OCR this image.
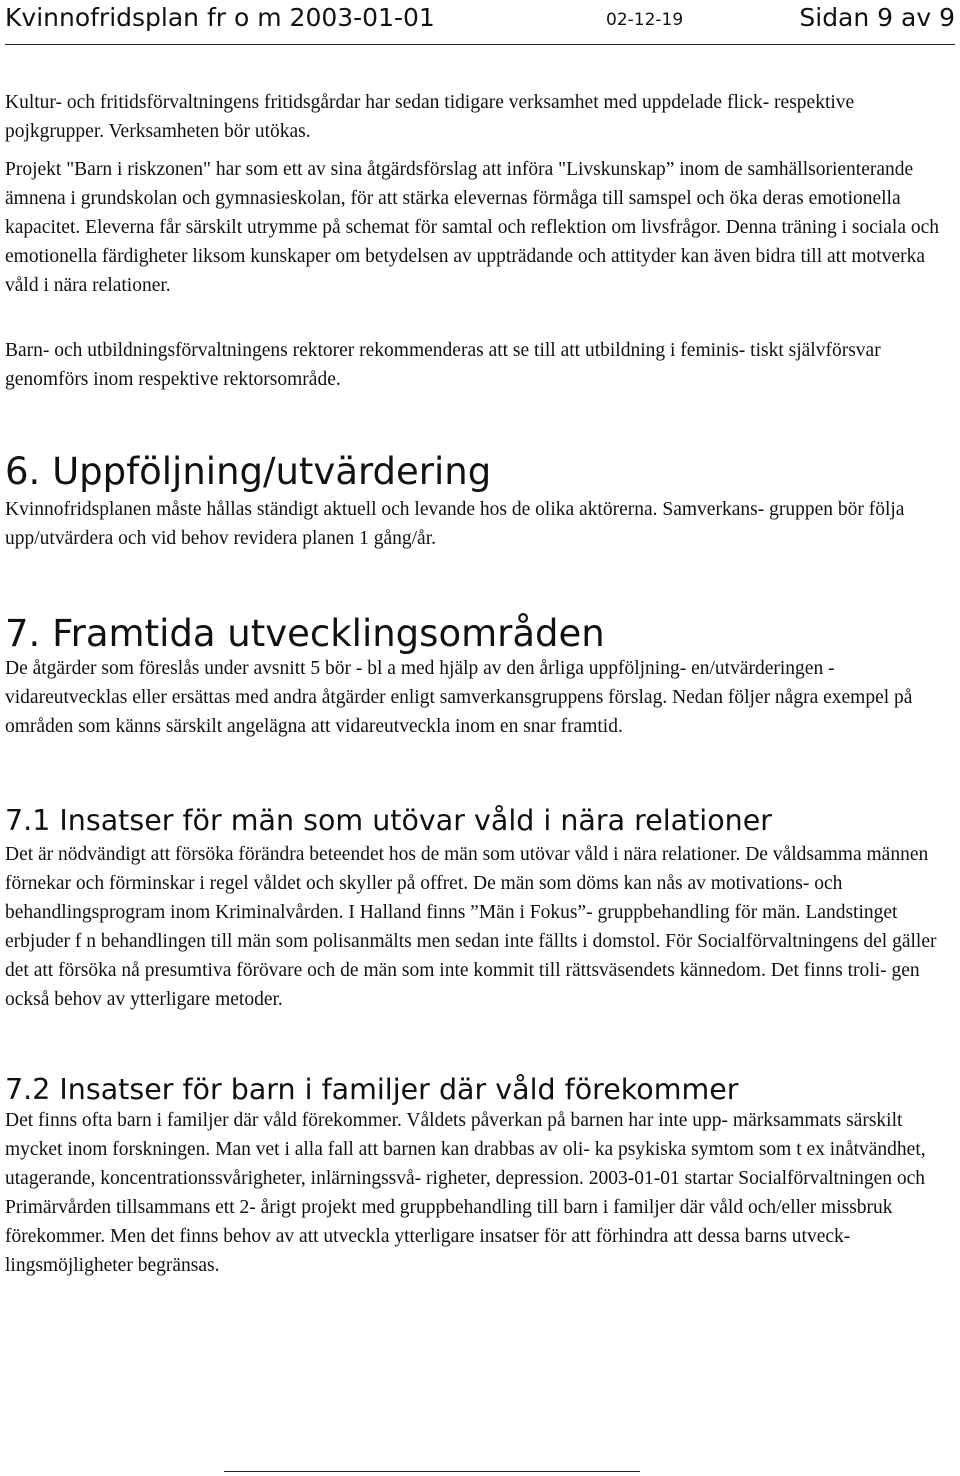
Kvinnofridsplan fr o m 2003-01-01	02-12-19	Sidan 9 av 9

Kultur- och fritidsförvaltningens fritidsgårdar har sedan tidigare verksamhet med uppdelade flick- respektive pojkgrupper. Verksamheten bör utökas.

Projekt "Barn i riskzonen" har som ett av sina åtgärdsförslag att införa "Livskunskap” inom de samhällsorienterande ämnena i grundskolan och gymnasieskolan, för att stärka elevernas förmåga till samspel och öka deras emotionella kapacitet. Eleverna får särskilt utrymme på schemat för samtal och reflektion om livsfrågor. Denna träning i sociala och emotionella färdigheter liksom kunskaper om betydelsen av uppträdande och attityder kan även bidra till att motverka våld i nära relationer.

Barn- och utbildningsförvaltningens rektorer rekommenderas att se till att utbildning i feminis- tiskt självförsvar genomförs inom respektive rektorsområde.

6. Uppföljning/utvärdering

Kvinnofridsplanen måste hållas ständigt aktuell och levande hos de olika aktörerna. Samverkans- gruppen bör följa upp/utvärdera och vid behov revidera planen 1 gång/år.

7. Framtida utvecklingsområden

De åtgärder som föreslås under avsnitt 5 bör - bl a med hjälp av den årliga uppföljning- en/utvärderingen - vidareutvecklas eller ersättas med andra åtgärder enligt samverkansgruppens förslag. Nedan följer några exempel på områden som känns särskilt angelägna att vidareutveckla inom en snar framtid.

7.1 Insatser för män som utövar våld i nära relationer

Det är nödvändigt att försöka förändra beteendet hos de män som utövar våld i nära relationer. De våldsamma männen förnekar och förminskar i regel våldet och skyller på offret. De män som döms kan nås av motivations- och behandlingsprogram inom Kriminalvården. I Halland finns ”Män i Fokus”- gruppbehandling för män. Landstinget erbjuder f n behandlingen till män som polisanmälts men sedan inte fällts i domstol. För Socialförvaltningens del gäller det att försöka nå presumtiva förövare och de män som inte kommit till rättsväsendets kännedom. Det finns troli- gen också behov av ytterligare metoder.

7.2 Insatser för barn i familjer där våld förekommer

Det finns ofta barn i familjer där våld förekommer. Våldets påverkan på barnen har inte upp- märksammats särskilt mycket inom forskningen. Man vet i alla fall att barnen kan drabbas av oli- ka psykiska symtom som t ex inåtvändhet, utagerande, koncentrationssvårigheter, inlärningssvå- righeter, depression. 2003-01-01 startar Socialförvaltningen och Primärvården tillsammans ett 2- årigt projekt med gruppbehandling till barn i familjer där våld och/eller missbruk förekommer. Men det finns behov av att utveckla ytterligare insatser för att förhindra att dessa barns utveck- lingsmöjligheter begränsas.
